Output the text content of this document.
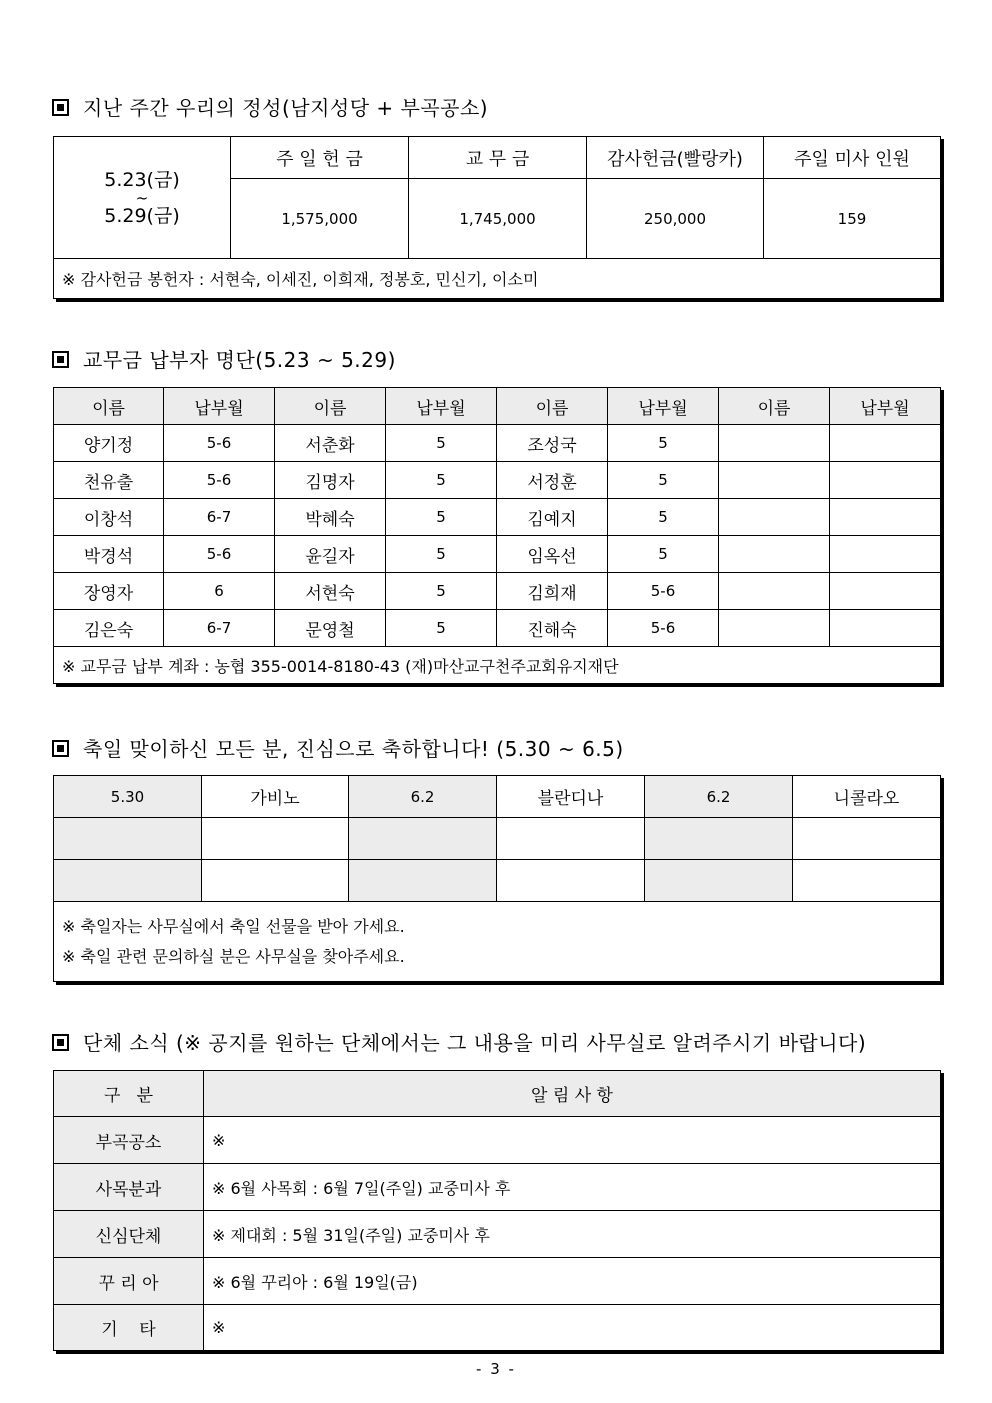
지난 주간 우리의 정성(남지성당 + 부곡공소)
5.23(금)
~
5.29(금)	주 일 헌 금	교 무 금	감사헌금(빨랑카)	주일 미사 인원
	1,575,000	1,745,000	250,000	159
※ 감사헌금 봉헌자 : 서현숙, 이세진, 이희재, 정봉호, 민신기, 이소미				
교무금 납부자 명단(5.23 ~ 5.29)
이름	납부월	이름	납부월	이름	납부월	이름	납부월
양기정	5-6	서춘화	5	조성국	5		
천유출	5-6	김명자	5	서정훈	5		
이창석	6-7	박혜숙	5	김예지	5		
박경석	5-6	윤길자	5	임옥선	5		
장영자	6	서현숙	5	김희재	5-6		
김은숙	6-7	문영철	5	진해숙	5-6		
※ 교무금 납부 계좌 : 농협 355-0014-8180-43 (재)마산교구천주교회유지재단							
축일 맞이하신 모든 분, 진심으로 축하합니다! (5.30 ~ 6.5)
5.30	가비노	6.2	블란디나	6.2	니콜라오

※ 축일자는 사무실에서 축일 선물을 받아 가세요.
※ 축일 관련 문의하실 분은 사무실을 찾아주세요.					
단체 소식 (※ 공지를 원하는 단체에서는 그 내용을 미리 사무실로 알려주시기 바랍니다)
구   분	알 림 사 항
부곡공소	※
사목분과	※ 6월 사목회 : 6월 7일(주일) 교중미사 후
신심단체	※ 제대회 : 5월 31일(주일) 교중미사 후
꾸 리 아	※ 6월 꾸리아 : 6월 19일(금)
기    타	※
- 3 -
